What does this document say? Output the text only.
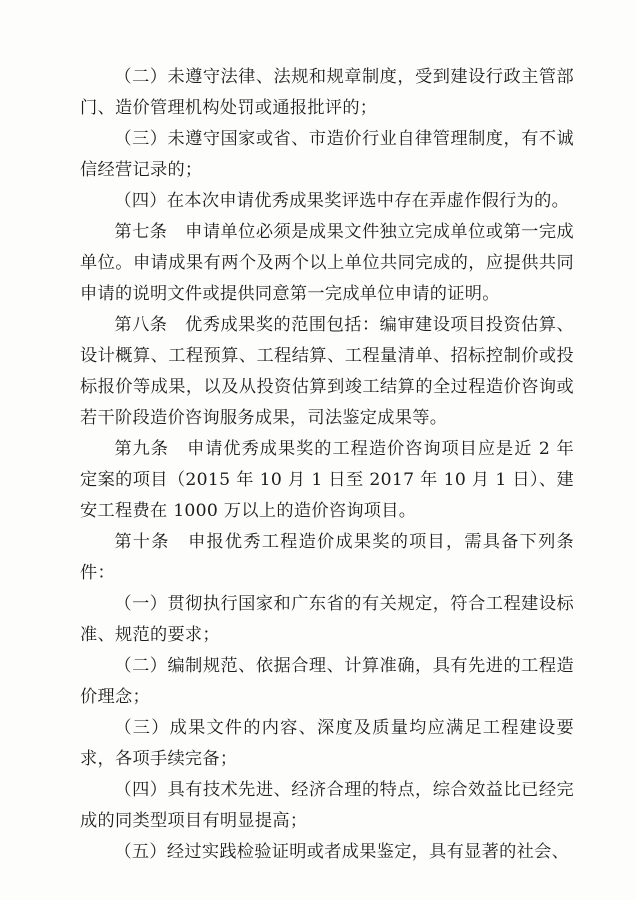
（二）未遵守法律、法规和规章制度，受到建设行政主管部门、造价管理机构处罚或通报批评的；

（三）未遵守国家或省、市造价行业自律管理制度，有不诚信经营记录的；

（四）在本次申请优秀成果奖评选中存在弄虚作假行为的。

第七条　申请单位必须是成果文件独立完成单位或第一完成单位。申请成果有两个及两个以上单位共同完成的，应提供共同申请的说明文件或提供同意第一完成单位申请的证明。

第八条　优秀成果奖的范围包括：编审建设项目投资估算、设计概算、工程预算、工程结算、工程量清单、招标控制价或投标报价等成果，以及从投资估算到竣工结算的全过程造价咨询或若干阶段造价咨询服务成果，司法鉴定成果等。

第九条　申请优秀成果奖的工程造价咨询项目应是近 2 年定案的项目（2015 年 10 月 1 日至 2017 年 10 月 1 日）、建安工程费在 1000 万以上的造价咨询项目。

第十条　申报优秀工程造价成果奖的项目，需具备下列条件：

（一）贯彻执行国家和广东省的有关规定，符合工程建设标准、规范的要求；

（二）编制规范、依据合理、计算准确，具有先进的工程造价理念；

（三）成果文件的内容、深度及质量均应满足工程建设要求，各项手续完备；

（四）具有技术先进、经济合理的特点，综合效益比已经完成的同类型项目有明显提高；

（五）经过实践检验证明或者成果鉴定，具有显著的社会、
